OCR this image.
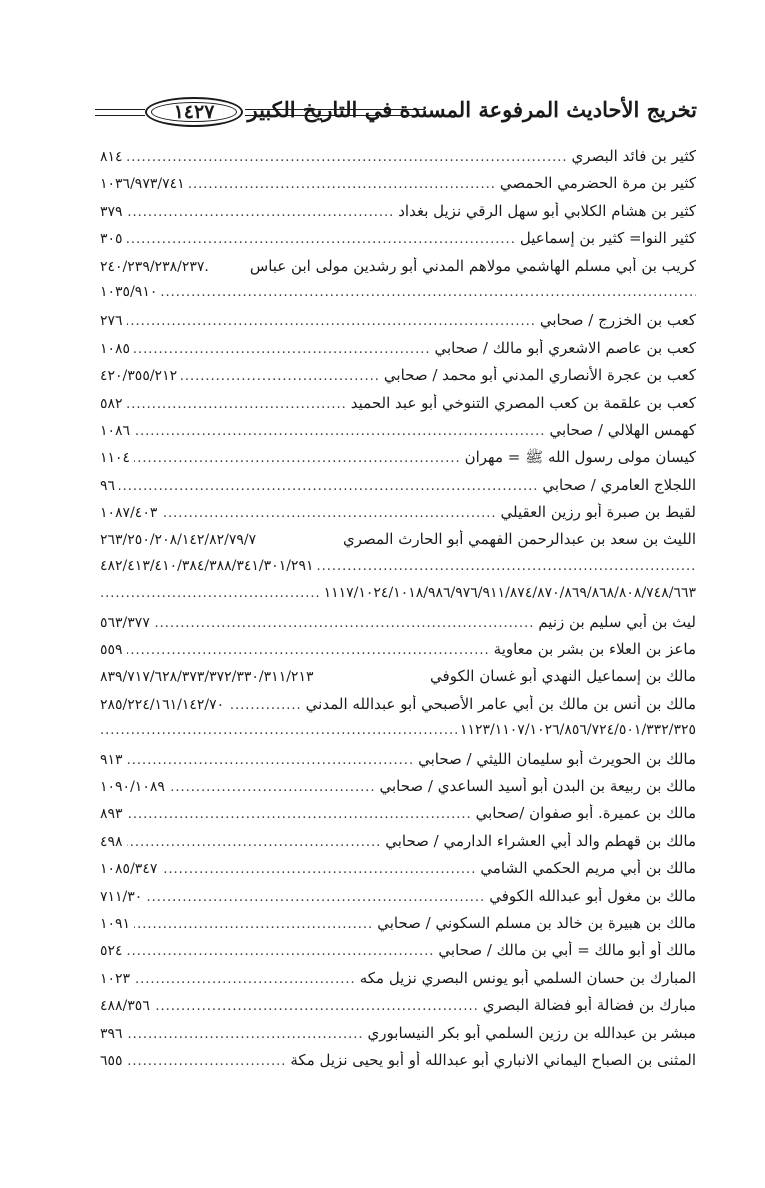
١٤٢٧ تخريج الأحاديث المرفوعة المسندة في التاريخ الكبير
كثير بن فائد البصري
.....
٨١٤
كثير بن مرة الحضرمي الحمصي
.....
١٠٣٦/٩٧٣/٧٤١
كثير بن هشام الكلابي أبو سهل الرقي نزيل بغداد
.....
٣٧٩
كثير النوا= كثير بن إسماعيل
.....
٣٠٥
كريب بن أبي مسلم الهاشمي مولاهم المدني أبو رشدين مولى ابن عباس
٢٤٠/٢٣٩/٢٣٨/٢٣٧.
١٠٣٥/٩١٠
.....
كعب بن الخزرج / صحابي
.....
٢٧٦
كعب بن عاصم الاشعري أبو مالك / صحابي
.....
١٠٨٥
كعب بن عجرة الأنصاري المدني أبو محمد / صحابي
.....
٤٢٠/٣٥٥/٢١٢
كعب بن علقمة بن كعب المصري التنوخي أبو عبد الحميد
.....
٥٨٢
كهمس الهلالي / صحابي
.....
١٠٨٦
كيسان مولى رسول الله ﷺ = مهران
.....
١١٠٤
اللجلاج العامري / صحابي
.....
٩٦
لقيط بن صبرة أبو رزين العقيلي
.....
١٠٨٧/٤٠٣
الليث بن سعد بن عبدالرحمن الفهمي أبو الحارث المصري
٢٦٣/٢٥٠/٢٠٨/١٤٢/٨٢/٧٩/٧
٤٨٢/٤١٣/٤١٠/٣٨٤/٣٨٨/٣٤١/٣٠١/٢٩١
.....
١١١٧/١٠٢٤/١٠١٨/٩٨٦/٩٧٦/٩١١/٨٧٤/٨٧٠/٨٦٩/٨٦٨/٨٠٨/٧٤٨/٦٦٣
.....
ليث بن أبي سليم بن زنيم
.....
٥٦٣/٣٧٧
ماعز بن العلاء بن بشر بن معاوية
.....
٥٥٩
مالك بن إسماعيل النهدي أبو غسان الكوفي
٨٣٩/٧١٧/٦٢٨/٣٧٣/٣٧٢/٣٣٠/٣١١/٢١٣
مالك بن أنس بن مالك بن أبي عامر الأصبحي أبو عبدالله المدني
.....
٢٨٥/٢٢٤/١٦١/١٤٢/٧٠
١١٢٣/١١٠٧/١٠٢٦/٨٥٦/٧٢٤/٥٠١/٣٣٢/٣٢٥
.....
مالك بن الحويرث أبو سليمان الليثي / صحابي
.....
٩١٣
مالك بن ربيعة بن البدن أبو أسيد الساعدي / صحابي
.....
١٠٩٠/١٠٨٩
مالك بن عميرة. أبو صفوان /صحابي
.....
٨٩٣
مالك بن قهطم والد أبي العشراء الدارمي / صحابي
.....
٤٩٨
مالك بن أبي مريم الحكمي الشامي
.....
١٠٨٥/٣٤٧
مالك بن مغول أبو عبدالله الكوفي
.....
٧١١/٣٠
مالك بن هبيرة بن خالد بن مسلم السكوني / صحابي
.....
١٠٩١
مالك أو أبو مالك = أبي بن مالك / صحابي
.....
٥٢٤
المبارك بن حسان السلمي أبو يونس البصري نزيل مكه
.....
١٠٢٣
مبارك بن فضالة أبو فضالة البصري
.....
٤٨٨/٣٥٦
مبشر بن عبدالله بن رزين السلمي أبو بكر النيسابوري
.....
٣٩٦
المثنى بن الصباح اليماني الانباري أبو عبدالله أو أبو يحيى نزيل مكة
.....
٦٥٥
